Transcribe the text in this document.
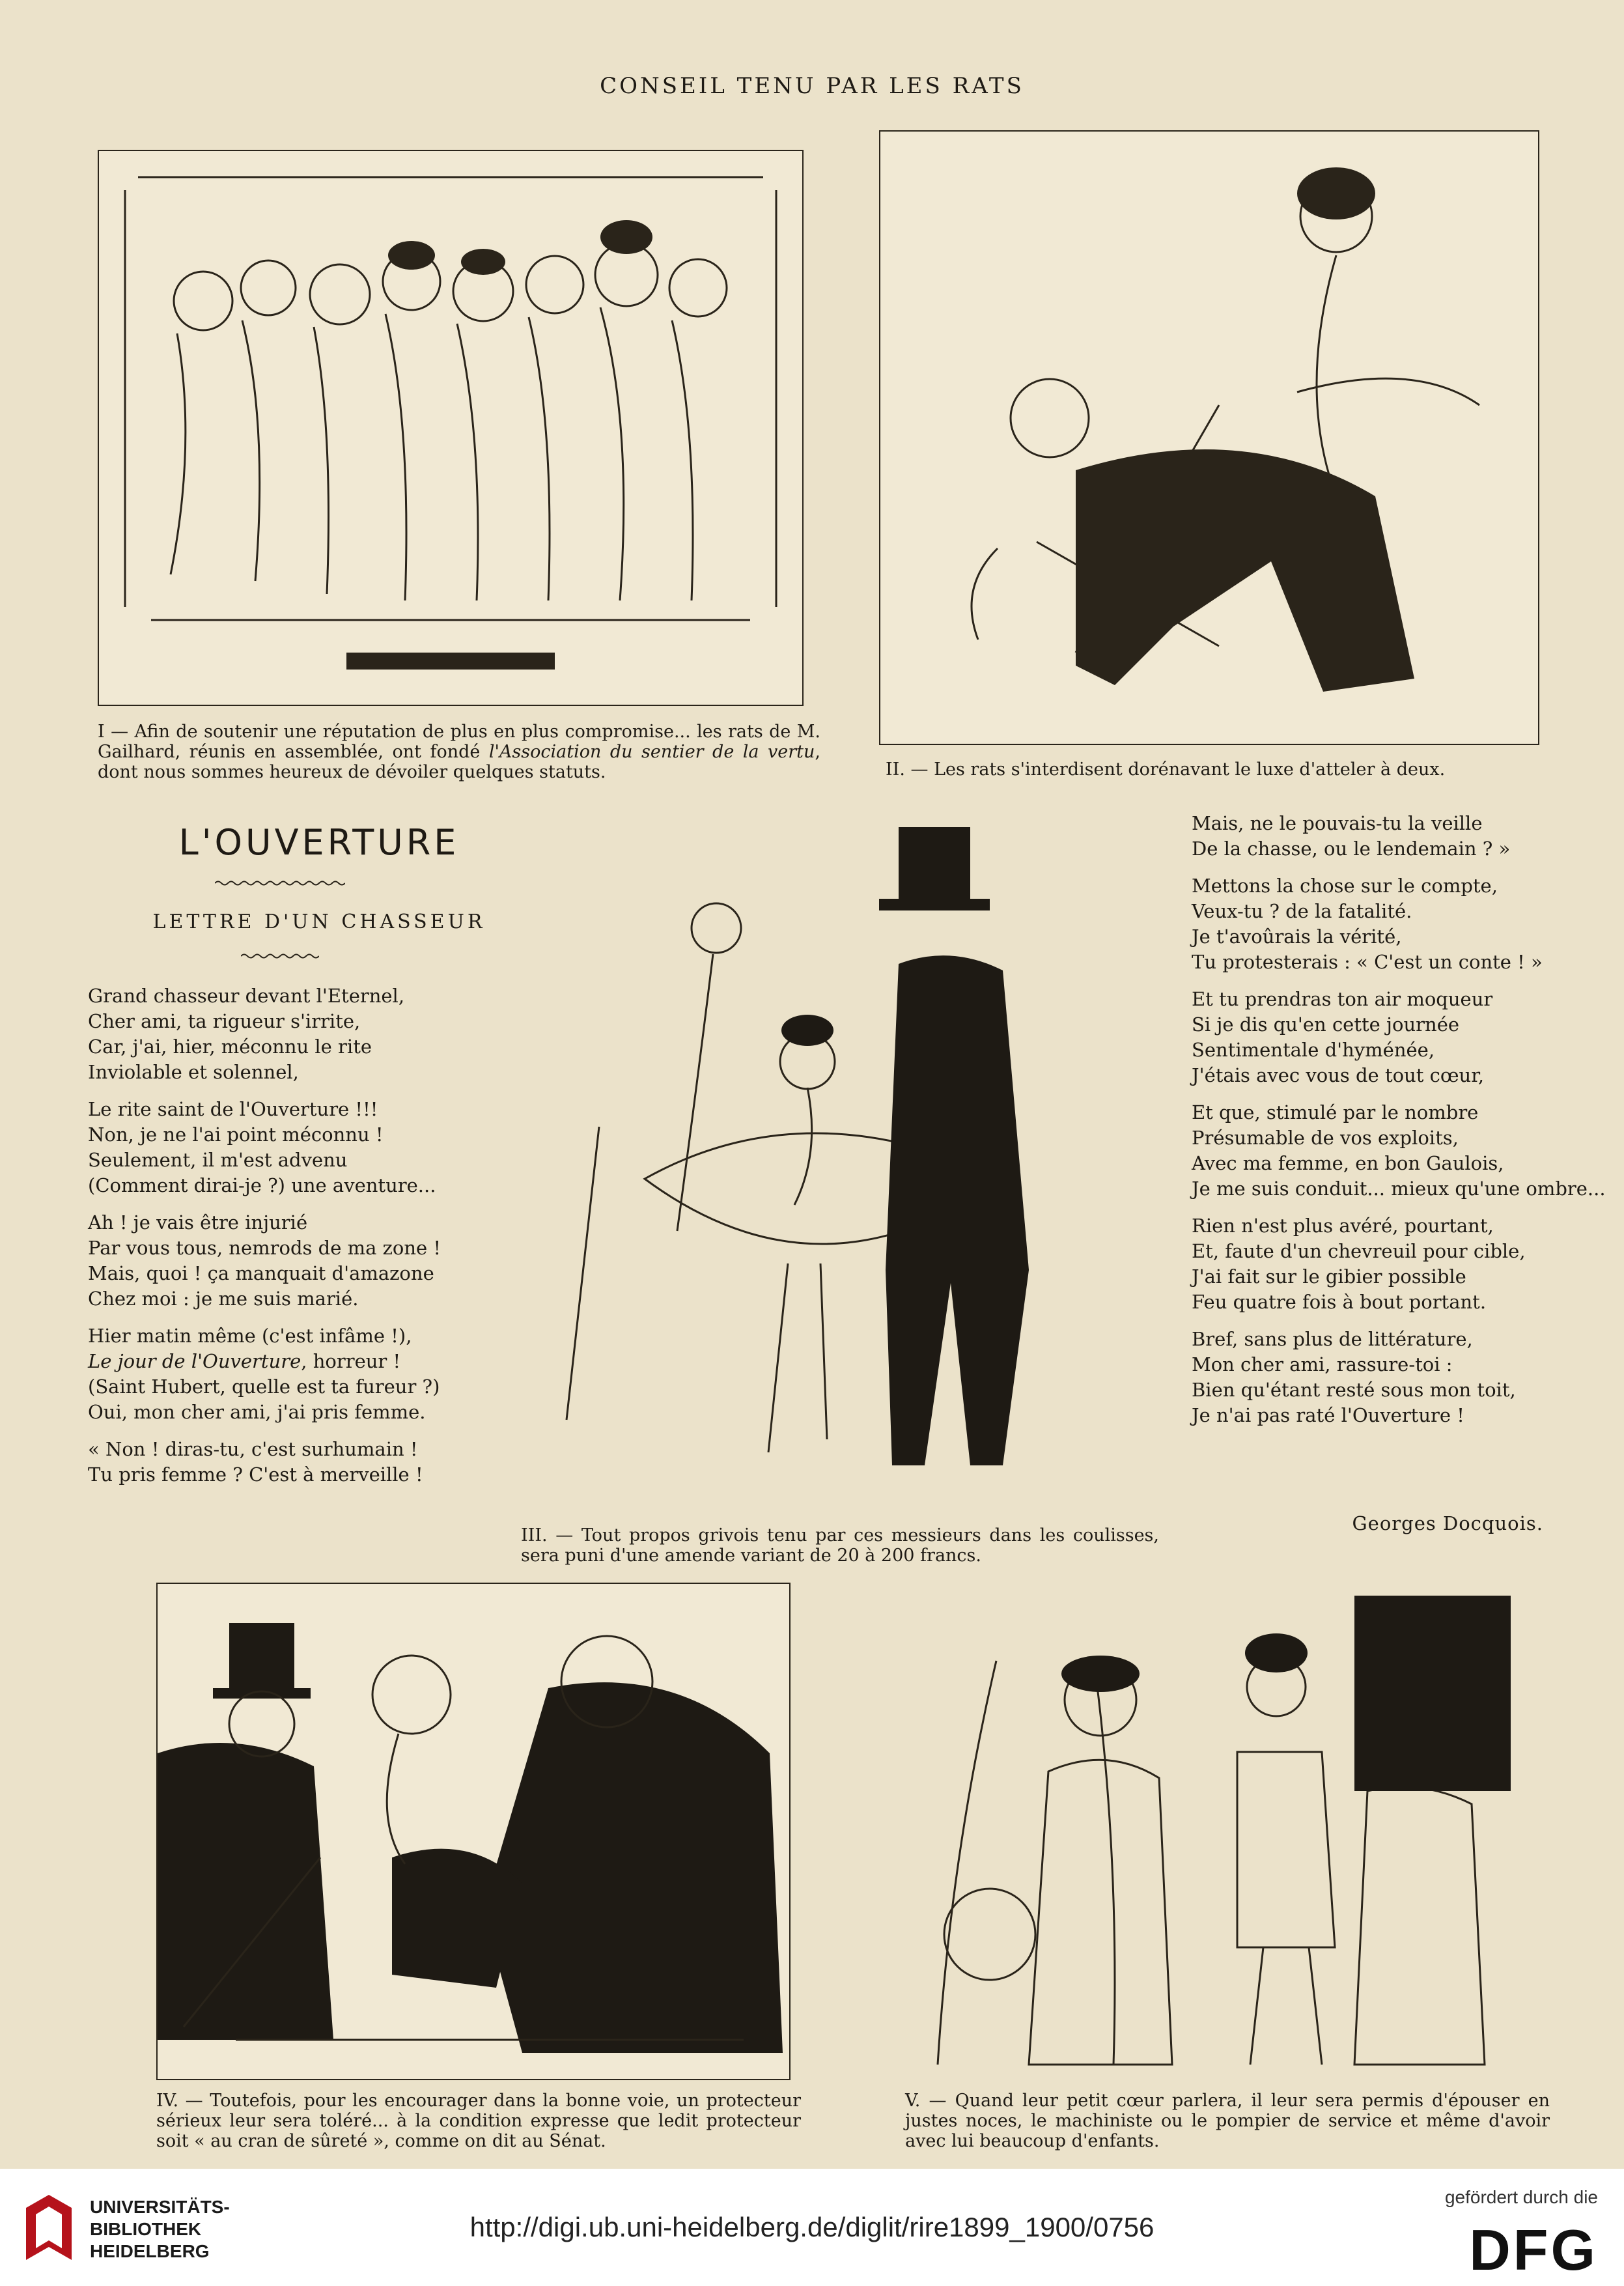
CONSEIL TENU PAR LES RATS
I — Afin de soutenir une réputation de plus en plus compromise... les rats de M. Gailhard, réunis en assemblée, ont fondé l'Association du sentier de la vertu, dont nous sommes heureux de dévoiler quelques statuts.	II. — Les rats s'interdisent dorénavant le luxe d'atteler à deux.
L'OUVERTURE
LETTRE D'UN CHASSEUR

Grand chasseur devant l'Eternel,
Cher ami, ta rigueur s'irrite,
Car, j'ai, hier, méconnu le rite
Inviolable et solennel,

Le rite saint de l'Ouverture !!!
Non, je ne l'ai point méconnu !
Seulement, il m'est advenu
(Comment dirai-je ?) une aventure...

Ah ! je vais être injurié
Par vous tous, nemrods de ma zone !
Mais, quoi ! ça manquait d'amazone
Chez moi : je me suis marié.

Hier matin même (c'est infâme !),
Le jour de l'Ouverture, horreur !
(Saint Hubert, quelle est ta fureur ?)
Oui, mon cher ami, j'ai pris femme.

« Non ! diras-tu, c'est surhumain !
Tu pris femme ? C'est à merveille !

Mais, ne le pouvais-tu la veille
De la chasse, ou le lendemain ? »

Mettons la chose sur le compte,
Veux-tu ? de la fatalité.
Je t'avoûrais la vérité,
Tu protesterais : « C'est un conte ! »

Et tu prendras ton air moqueur
Si je dis qu'en cette journée
Sentimentale d'hyménée,
J'étais avec vous de tout cœur,

Et que, stimulé par le nombre
Présumable de vos exploits,
Avec ma femme, en bon Gaulois,
Je me suis conduit... mieux qu'une ombre...

Rien n'est plus avéré, pourtant,
Et, faute d'un chevreuil pour cible,
J'ai fait sur le gibier possible
Feu quatre fois à bout portant.

Bref, sans plus de littérature,
Mon cher ami, rassure-toi :
Bien qu'étant resté sous mon toit,
Je n'ai pas raté l'Ouverture !

Georges Docquois.
III. — Tout propos grivois tenu par ces messieurs dans les coulisses, sera puni d'une amende variant de 20 à 200 francs.
IV. — Toutefois, pour les encourager dans la bonne voie, un protecteur sérieux leur sera toléré... à la condition expresse que ledit protecteur soit « au cran de sûreté », comme on dit au Sénat.
V. — Quand leur petit cœur parlera, il leur sera permis d'épouser en justes noces, le machiniste ou le pompier de service et même d'avoir avec lui beaucoup d'enfants.
UNIVERSITÄTS-
BIBLIOTHEK
HEIDELBERG
http://digi.ub.uni-heidelberg.de/diglit/rire1899_1900/0756
gefördert durch die
DFG
